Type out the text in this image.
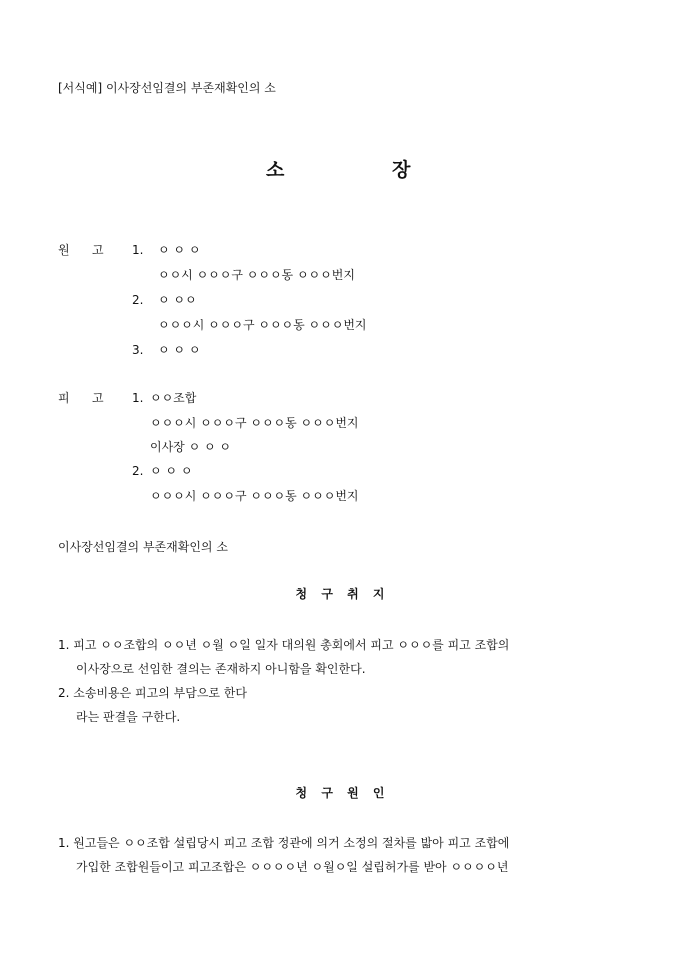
[서식예] 이사장선임결의 부존재확인의 소
소	장
원 고 1. ㅇ ㅇ ㅇ
ㅇㅇ시 ㅇㅇㅇ구 ㅇㅇㅇ동 ㅇㅇㅇ번지
2. ㅇ ㅇㅇ
ㅇㅇㅇ시 ㅇㅇㅇ구 ㅇㅇㅇ동 ㅇㅇㅇ번지
3. ㅇ ㅇ ㅇ
피 고 1. ㅇㅇ조합
ㅇㅇㅇ시 ㅇㅇㅇ구 ㅇㅇㅇ동 ㅇㅇㅇ번지
이사장 ㅇ ㅇ ㅇ
2. ㅇ ㅇ ㅇ
ㅇㅇㅇ시 ㅇㅇㅇ구 ㅇㅇㅇ동 ㅇㅇㅇ번지
이사장선임결의 부존재확인의 소
청 구 취 지
1. 피고 ㅇㅇ조합의 ㅇㅇ년 ㅇ월 ㅇ일 일자 대의원 총회에서 피고 ㅇㅇㅇ를 피고 조합의
이사장으로 선임한 결의는 존재하지 아니함을 확인한다.
2. 소송비용은 피고의 부담으로 한다
라는 판결을 구한다.
청 구 원 인
1. 원고들은 ㅇㅇ조합 설립당시 피고 조합 정관에 의거 소정의 절차를 밟아 피고 조합에
가입한 조합원들이고 피고조합은 ㅇㅇㅇㅇ년 ㅇ월ㅇ일 설립허가를 받아 ㅇㅇㅇㅇ년
